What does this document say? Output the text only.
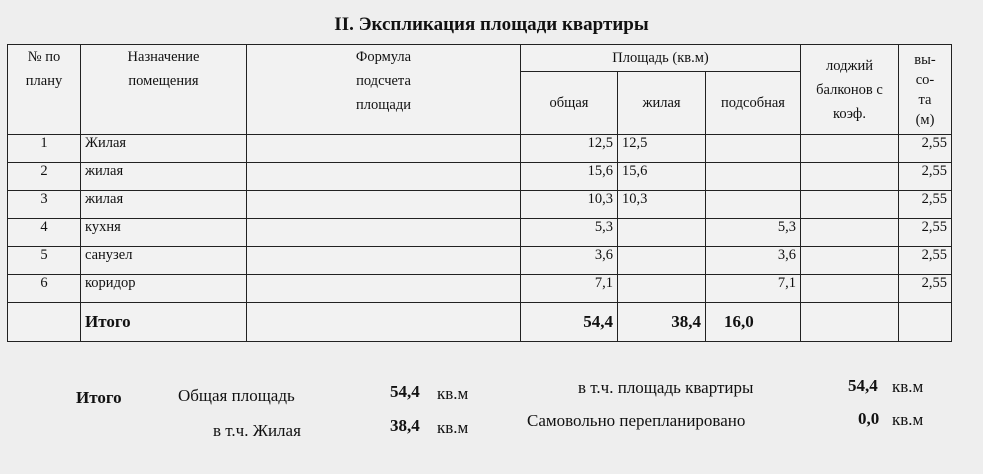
II. Экспликация площади квартиры
№ по плану	Назначение помещения	Формула подсчета площади	Площадь (кв.м)			лоджий балконов с коэф.	вы- со- та (м)
			общая	жилая	подсобная		
1	Жилая		12,5	12,5			2,55
2	жилая		15,6	15,6			2,55
3	жилая		10,3	10,3			2,55
4	кухня		5,3		5,3		2,55
5	санузел		3,6		3,6		2,55
6	коридор		7,1		7,1		2,55
	Итого		54,4	38,4	16,0		
Итого	Общая площадь	54,4 кв.м
в т.ч. Жилая	38,4 кв.м
в т.ч. площадь квартиры	54,4 кв.м
Самовольно перепланировано	0,0 кв.м
